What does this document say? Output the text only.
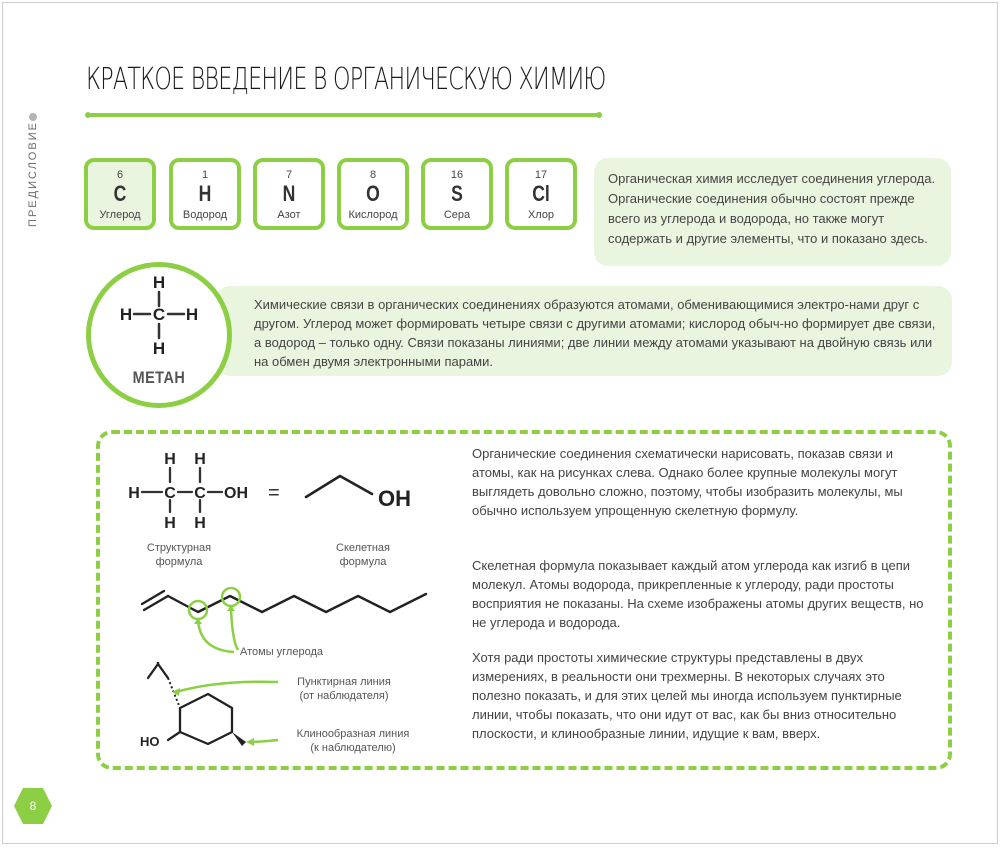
ПРЕДИСЛОВИЕ
КРАТКОЕ ВВЕДЕНИЕ В ОРГАНИЧЕСКУЮ ХИМИЮ
6
C
Углерод
1
H
Водород
7
N
Азот
8
O
Кислород
16
S
Сера
17
Cl
Хлор
Органическая химия исследует соединения углерода. Органические соединения обычно состоят прежде всего из углерода и водорода, но также могут содержать и другие элементы, что и показано здесь.
Химические связи в органических соединениях образуются атомами, обменивающимися электро-нами друг с другом. Углерод может формировать четыре связи с другими атомами; кислород обыч-но формирует две связи, а водород – только одну. Связи показаны линиями; две линии между атомами указывают на двойную связь или на обмен двумя электронными парами.
H
C
H	H
H
МЕТАН
H H
H C C OH
H H
=	OH
Структурная
формула
Скелетная
формула
Атомы углерода
HO
Пунктирная линия
(от наблюдателя)
Клинообразная линия
(к наблюдателю)
Органические соединения схематически нарисовать, показав связи и атомы, как на рисунках слева. Однако более крупные молекулы могут выглядеть довольно сложно, поэтому, чтобы изобразить молекулы, мы обычно используем упрощенную скелетную формулу.
Скелетная формула показывает каждый атом углерода как изгиб в цепи молекул. Атомы водорода, прикрепленные к углероду, ради простоты восприятия не показаны. На схеме изображены атомы других веществ, но не углерода и водорода.
Хотя ради простоты химические структуры представлены в двух измерениях, в реальности они трехмерны. В некоторых случаях это полезно показать, и для этих целей мы иногда используем пунктирные линии, чтобы показать, что они идут от вас, как бы вниз относительно плоскости, и клинообразные линии, идущие к вам, вверх.
8
